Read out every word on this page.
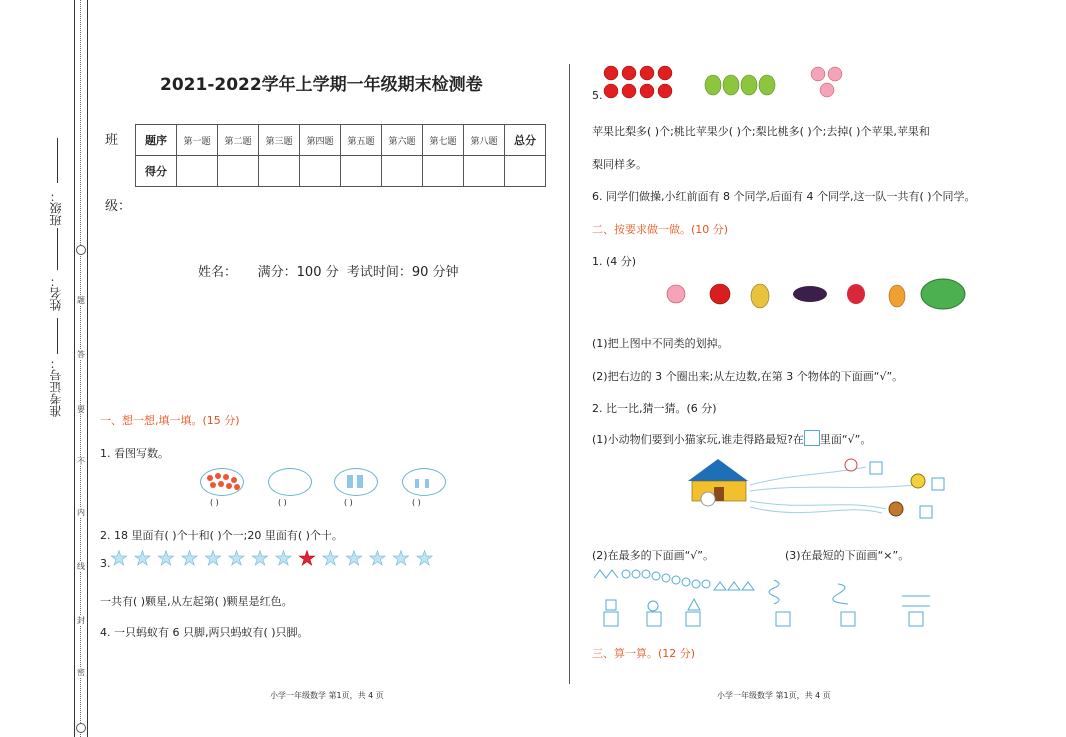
题
答
要
不
内
线
封
密
班级：
姓名：
准考证号：
2021-2022学年上学期一年级期末检测卷
班
级：
题序	第一题	第二题	第三题	第四题	第五题	第六题	第七题	第八题	总分
得分									
姓名：     满分：100 分  考试时间：90 分钟
一、想一想,填一填。(15 分)
1. 看图写数。
( )	( )	( )	( )
2. 18 里面有( )个十和( )个一;20 里面有( )个十。
3. ★ ★ ★ ★ ★ ★ ★ ★ ★ ★ ★ ★ ★ ★
一共有( )颗星,从左起第( )颗星是红色。
4. 一只蚂蚁有 6 只脚,两只蚂蚁有( )只脚。
小学一年级数学 第1页，共 4 页
5.
苹果比梨多( )个;桃比苹果少( )个;梨比桃多( )个;去掉( )个苹果,苹果和
梨同样多。
6. 同学们做操,小红前面有 8 个同学,后面有 4 个同学,这一队一共有( )个同学。
二、按要求做一做。(10 分)
1. (4 分)
(1)把上图中不同类的划掉。
(2)把右边的 3 个圈出来;从左边数,在第 3 个物体的下面画“√”。
2. 比一比,猜一猜。(6 分)
(1)小动物们要到小猫家玩,谁走得路最短?在 里面“√”。
(2)在最多的下面画“√”。	(3)在最短的下面画“×”。
三、算一算。(12 分)
小学一年级数学 第1页，共 4 页
